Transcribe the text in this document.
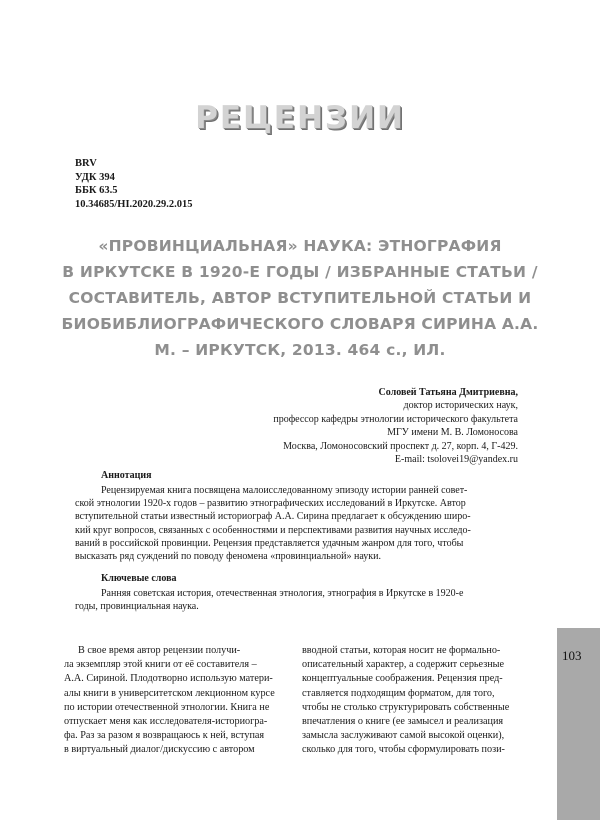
РЕЦЕНЗИИ
BRV
УДК 394
ББК 63.5
10.34685/HI.2020.29.2.015
«ПРОВИНЦИАЛЬНАЯ» НАУКА: ЭТНОГРАФИЯ
В ИРКУТСКЕ В 1920-Е ГОДЫ / ИЗБРАННЫЕ СТАТЬИ /
СОСТАВИТЕЛЬ, АВТОР ВСТУПИТЕЛЬНОЙ СТАТЬИ И
БИОБИБЛИОГРАФИЧЕСКОГО СЛОВАРЯ СИРИНА А.А.
М. – ИРКУТСК, 2013. 464 с., ИЛ.
Соловей Татьяна Дмитриевна,
доктор исторических наук,
профессор кафедры этнологии исторического факультета
МГУ имени М. В. Ломоносова
Москва, Ломоносовский проспект д. 27, корп. 4, Г-429.
E-mail: tsolovei19@yandex.ru
Аннотация
Рецензируемая книга посвящена малоисследованному эпизоду истории ранней совет-
ской этнологии 1920-х годов – развитию этнографических исследований в Иркутске. Автор
вступительной статьи известный историограф А.А. Сирина предлагает к обсуждению широ-
кий круг вопросов, связанных с особенностями и перспективами развития научных исследо-
ваний в российской провинции. Рецензия представляется удачным жанром для того, чтобы
высказать ряд суждений по поводу феномена «провинциальной» науки.
Ключевые слова
Ранняя советская история, отечественная этнология, этнография в Иркутске в 1920-е
годы, провинциальная наука.
В свое время автор рецензии получи-
ла экземпляр этой книги от её составителя –
А.А. Сириной. Плодотворно использую матери-
алы книги в университетском лекционном курсе
по истории отечественной этнологии. Книга не
отпускает меня как исследователя-историогра-
фа. Раз за разом я возвращаюсь к ней, вступая
в виртуальный диалог/дискуссию с автором
вводной статьи, которая носит не формально-
описательный характер, а содержит серьезные
концептуальные соображения. Рецензия пред-
ставляется подходящим форматом, для того,
чтобы не столько структурировать собственные
впечатления о книге (ее замысел и реализация
замысла заслуживают самой высокой оценки),
сколько для того, чтобы сформулировать пози-
103
